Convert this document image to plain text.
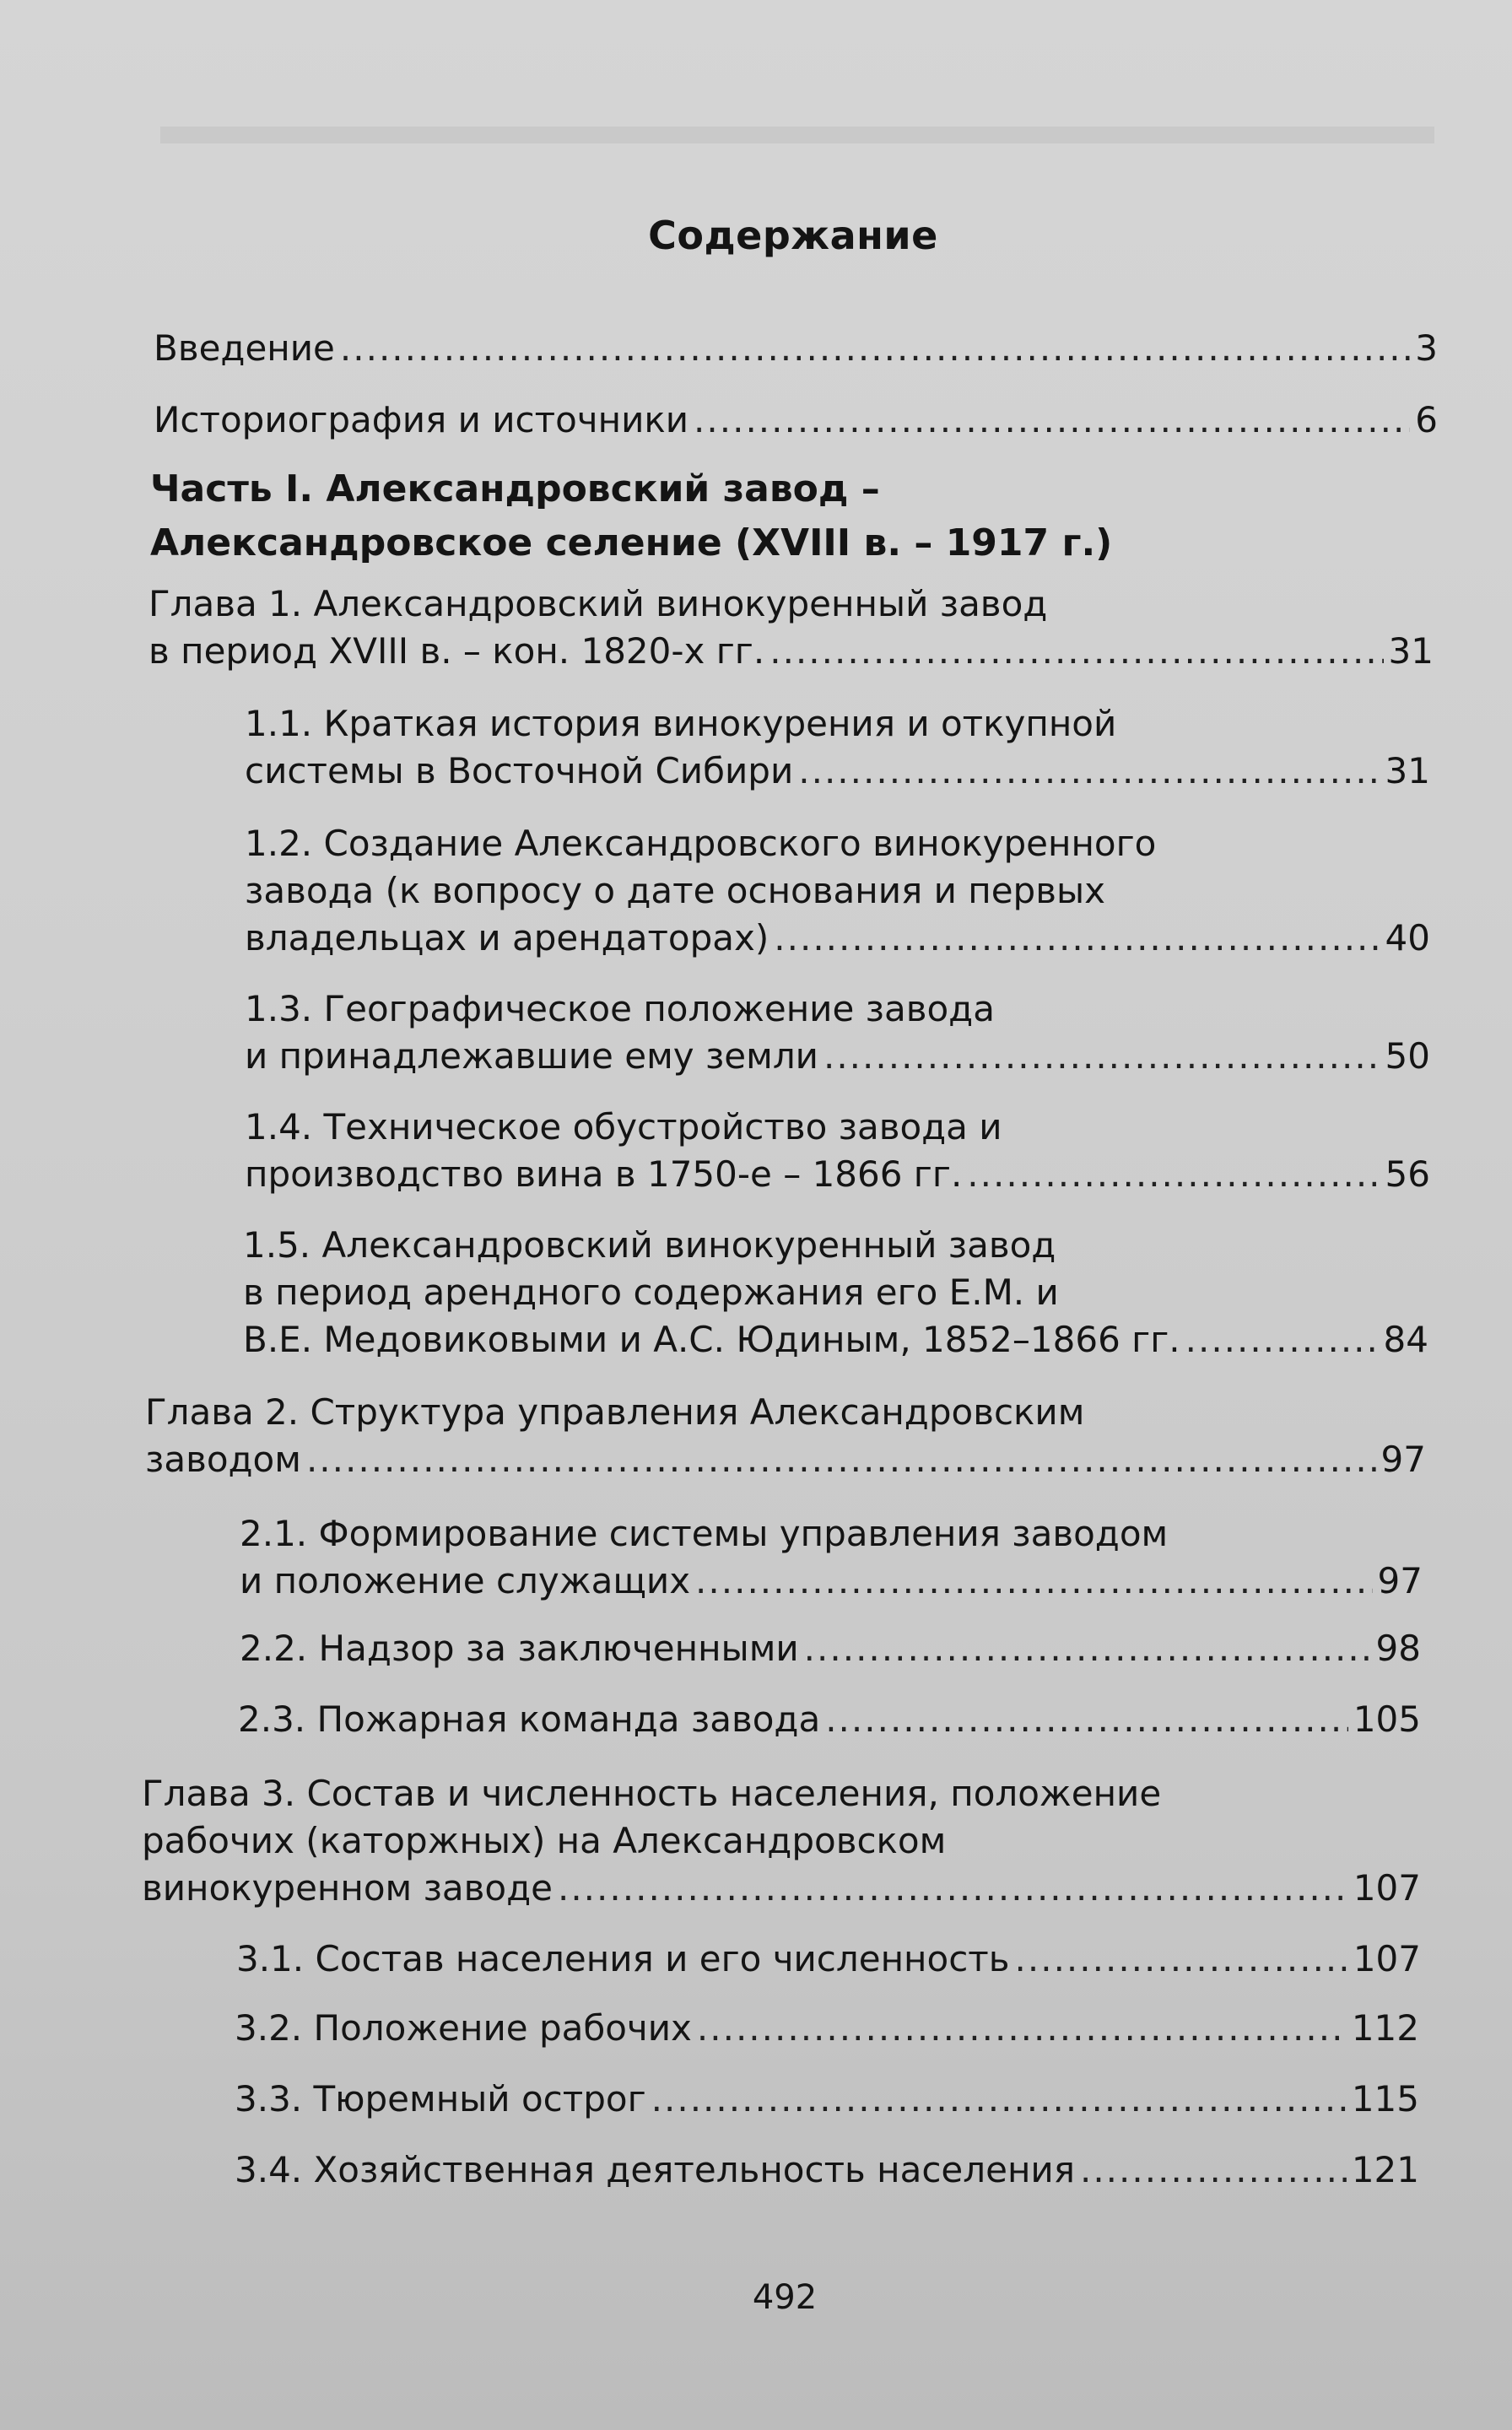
Содержание
Введение .....	3
Историография и источники .....	6
Часть I. Александровский завод –
Александровское селение (XVIII в. – 1917 г.)
Глава 1. Александровский винокуренный завод
в период XVIII в. – кон. 1820-х гг. .....	31
1.1. Краткая история винокурения и откупной
системы в Восточной Сибири .....	31
1.2. Создание Александровского винокуренного
завода (к вопросу о дате основания и первых
владельцах и арендаторах) .....	40
1.3. Географическое положение завода
и принадлежавшие ему земли .....	50
1.4. Техническое обустройство завода и
производство вина в 1750-е – 1866 гг. .....	56
1.5. Александровский винокуренный завод
в период арендного содержания его Е.М. и
В.Е. Медовиковыми и А.С. Юдиным, 1852–1866 гг. .....	84
Глава 2. Структура управления Александровским
заводом .....	97
2.1. Формирование системы управления заводом
и положение служащих .....	97
2.2. Надзор за заключенными .....	98
2.3. Пожарная команда завода .....	105
Глава 3. Состав и численность населения, положение
рабочих (каторжных) на Александровском
винокуренном заводе .....	107
3.1. Состав населения и его численность .....	107
3.2. Положение рабочих .....	112
3.3. Тюремный острог .....	115
3.4. Хозяйственная деятельность населения .....	121
492
